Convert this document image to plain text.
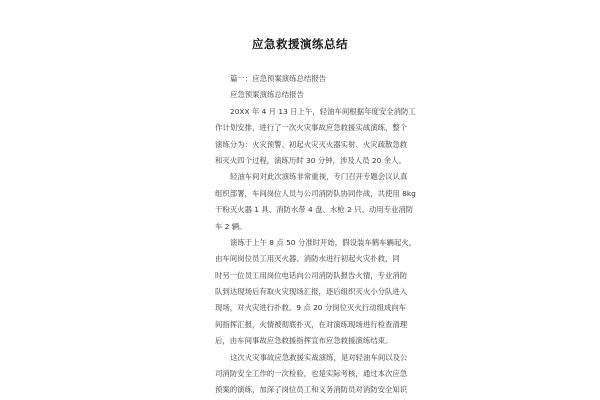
应急救援演练总结
篇一：应急预案演练总结报告
应急预案演练总结报告
20XX 年 4 月 13 日上午，轻油车间根据年度安全消防工
作计划安排，进行了一次火灾事故应急救援实战演练，整个
演练分为：火灾预警、初起火灾灭火器实射、火灾疏散急救
和灭火四个过程，演练历时 30 分钟，涉及人员 20 余人。
轻油车间对此次演练非常重视，专门召开专题会议认真
组织部署，车间岗位人员与公司消防队协同作战，共使用 8kg
干粉灭火器 1 具、消防水带 4 盘、水枪 2 只、动用专业消防
车 2 辆。
演练于上午 8 点 50 分准时开始，假设装车鹤车辆起火，
由车间岗位员工用灭火器、消防水进行初起火灾扑救，同
时另一位员工用岗位电话向公司消防队报告火情，专业消防
队到达现场后有取火灾现场汇报，逐后组织灭火小分队进入
现场，对火灾进行扑救。9 点 20 分岗位灭火行动组成向车
间指挥汇报，火情被彻底扑灭，在对演练现场进行检查清理
后，由车间事故应急救援指挥宣布应急救援演练结束。
这次火灾事故应急救援实战演练，是对轻油车间以及公
司消防安全工作的一次检验，也是实际考核，通过本次应急
预案的演练，加深了岗位员工和义务消防员对消防安全知识
